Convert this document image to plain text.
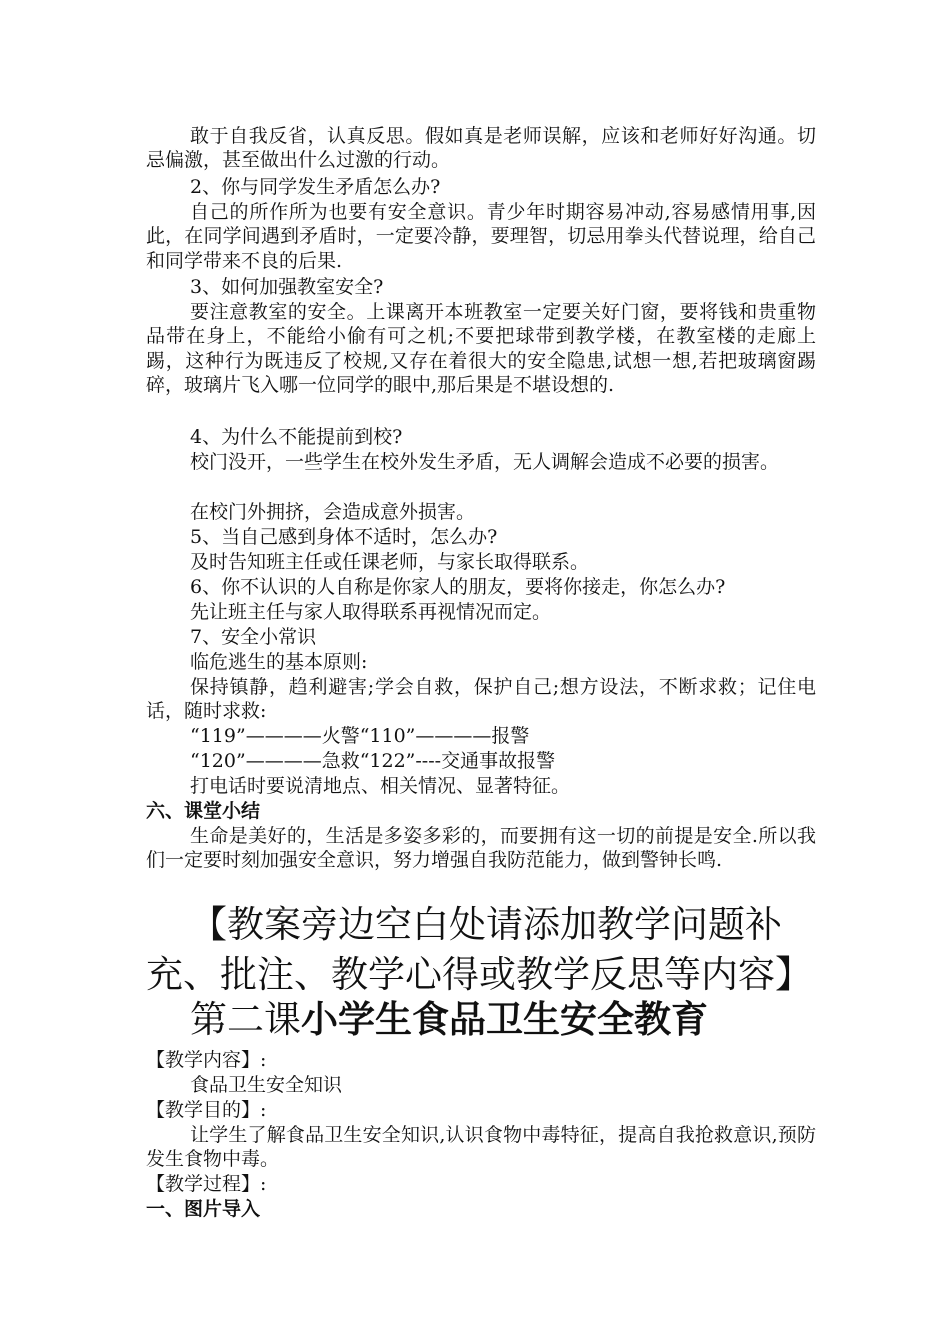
敢于自我反省，认真反思。假如真是老师误解，应该和老师好好沟通。切忌偏激，甚至做出什么过激的行动。

2、你与同学发生矛盾怎么办?

自己的所作所为也要有安全意识。青少年时期容易冲动,容易感情用事,因此，在同学间遇到矛盾时，一定要冷静，要理智，切忌用拳头代替说理，给自己和同学带来不良的后果.

3、如何加强教室安全?

要注意教室的安全。上课离开本班教室一定要关好门窗，要将钱和贵重物品带在身上，不能给小偷有可之机;不要把球带到教学楼，在教室楼的走廊上踢，这种行为既违反了校规,又存在着很大的安全隐患,试想一想,若把玻璃窗踢碎，玻璃片飞入哪一位同学的眼中,那后果是不堪设想的.

4、为什么不能提前到校?

校门没开，一些学生在校外发生矛盾，无人调解会造成不必要的损害。

在校门外拥挤，会造成意外损害。

5、当自己感到身体不适时，怎么办?

及时告知班主任或任课老师，与家长取得联系。

6、你不认识的人自称是你家人的朋友，要将你接走，你怎么办?

先让班主任与家人取得联系再视情况而定。

7、安全小常识

临危逃生的基本原则:

保持镇静，趋利避害;学会自救，保护自己;想方设法，不断求救；记住电话，随时求救:

“119”————火警“110”————报警

“120”————急救“122”----交通事故报警

打电话时要说清地点、相关情况、显著特征。

六、课堂小结

生命是美好的，生活是多姿多彩的，而要拥有这一切的前提是安全.所以我们一定要时刻加强安全意识，努力增强自我防范能力，做到警钟长鸣.

【教案旁边空白处请添加教学问题补充、批注、教学心得或教学反思等内容】

第二课小学生食品卫生安全教育

【教学内容】:

食品卫生安全知识

【教学目的】:

让学生了解食品卫生安全知识,认识食物中毒特征，提高自我抢救意识,预防发生食物中毒。

【教学过程】:

一、图片导入
